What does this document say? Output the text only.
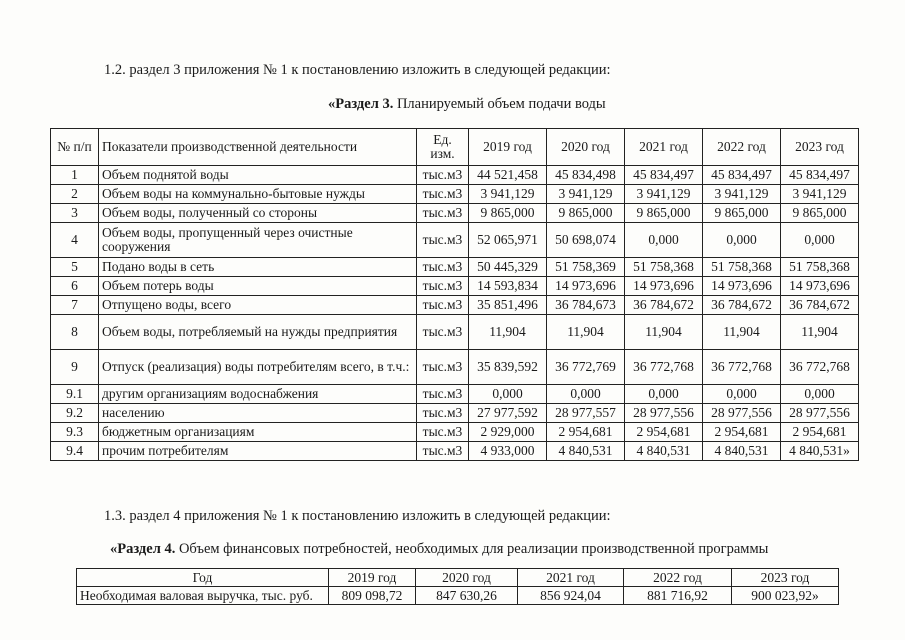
1.2. раздел 3 приложения № 1 к постановлению изложить в следующей редакции:
«Раздел 3. Планируемый объем подачи воды
№ п/п	Показатели производственной деятельности	Ед. изм.	2019 год	2020 год	2021 год	2022 год	2023 год
1	Объем поднятой воды	тыс.м3	44 521,458	45 834,498	45 834,497	45 834,497	45 834,497
2	Объем воды на коммунально-бытовые нужды	тыс.м3	3 941,129	3 941,129	3 941,129	3 941,129	3 941,129
3	Объем воды, полученный со стороны	тыс.м3	9 865,000	9 865,000	9 865,000	9 865,000	9 865,000
4	Объем воды, пропущенный через очистные сооружения	тыс.м3	52 065,971	50 698,074	0,000	0,000	0,000
5	Подано воды в сеть	тыс.м3	50 445,329	51 758,369	51 758,368	51 758,368	51 758,368
6	Объем потерь воды	тыс.м3	14 593,834	14 973,696	14 973,696	14 973,696	14 973,696
7	Отпущено воды, всего	тыс.м3	35 851,496	36 784,673	36 784,672	36 784,672	36 784,672
8	Объем воды, потребляемый на нужды предприятия	тыс.м3	11,904	11,904	11,904	11,904	11,904
9	Отпуск (реализация) воды потребителям всего, в т.ч.:	тыс.м3	35 839,592	36 772,769	36 772,768	36 772,768	36 772,768
9.1	другим организациям водоснабжения	тыс.м3	0,000	0,000	0,000	0,000	0,000
9.2	населению	тыс.м3	27 977,592	28 977,557	28 977,556	28 977,556	28 977,556
9.3	бюджетным организациям	тыс.м3	2 929,000	2 954,681	2 954,681	2 954,681	2 954,681
9.4	прочим потребителям	тыс.м3	4 933,000	4 840,531	4 840,531	4 840,531	4 840,531»
1.3. раздел 4 приложения № 1 к постановлению изложить в следующей редакции:
«Раздел 4. Объем финансовых потребностей, необходимых для реализации производственной программы
Год	2019 год	2020 год	2021 год	2022 год	2023 год
Необходимая валовая выручка, тыс. руб.	809 098,72	847 630,26	856 924,04	881 716,92	900 023,92»
